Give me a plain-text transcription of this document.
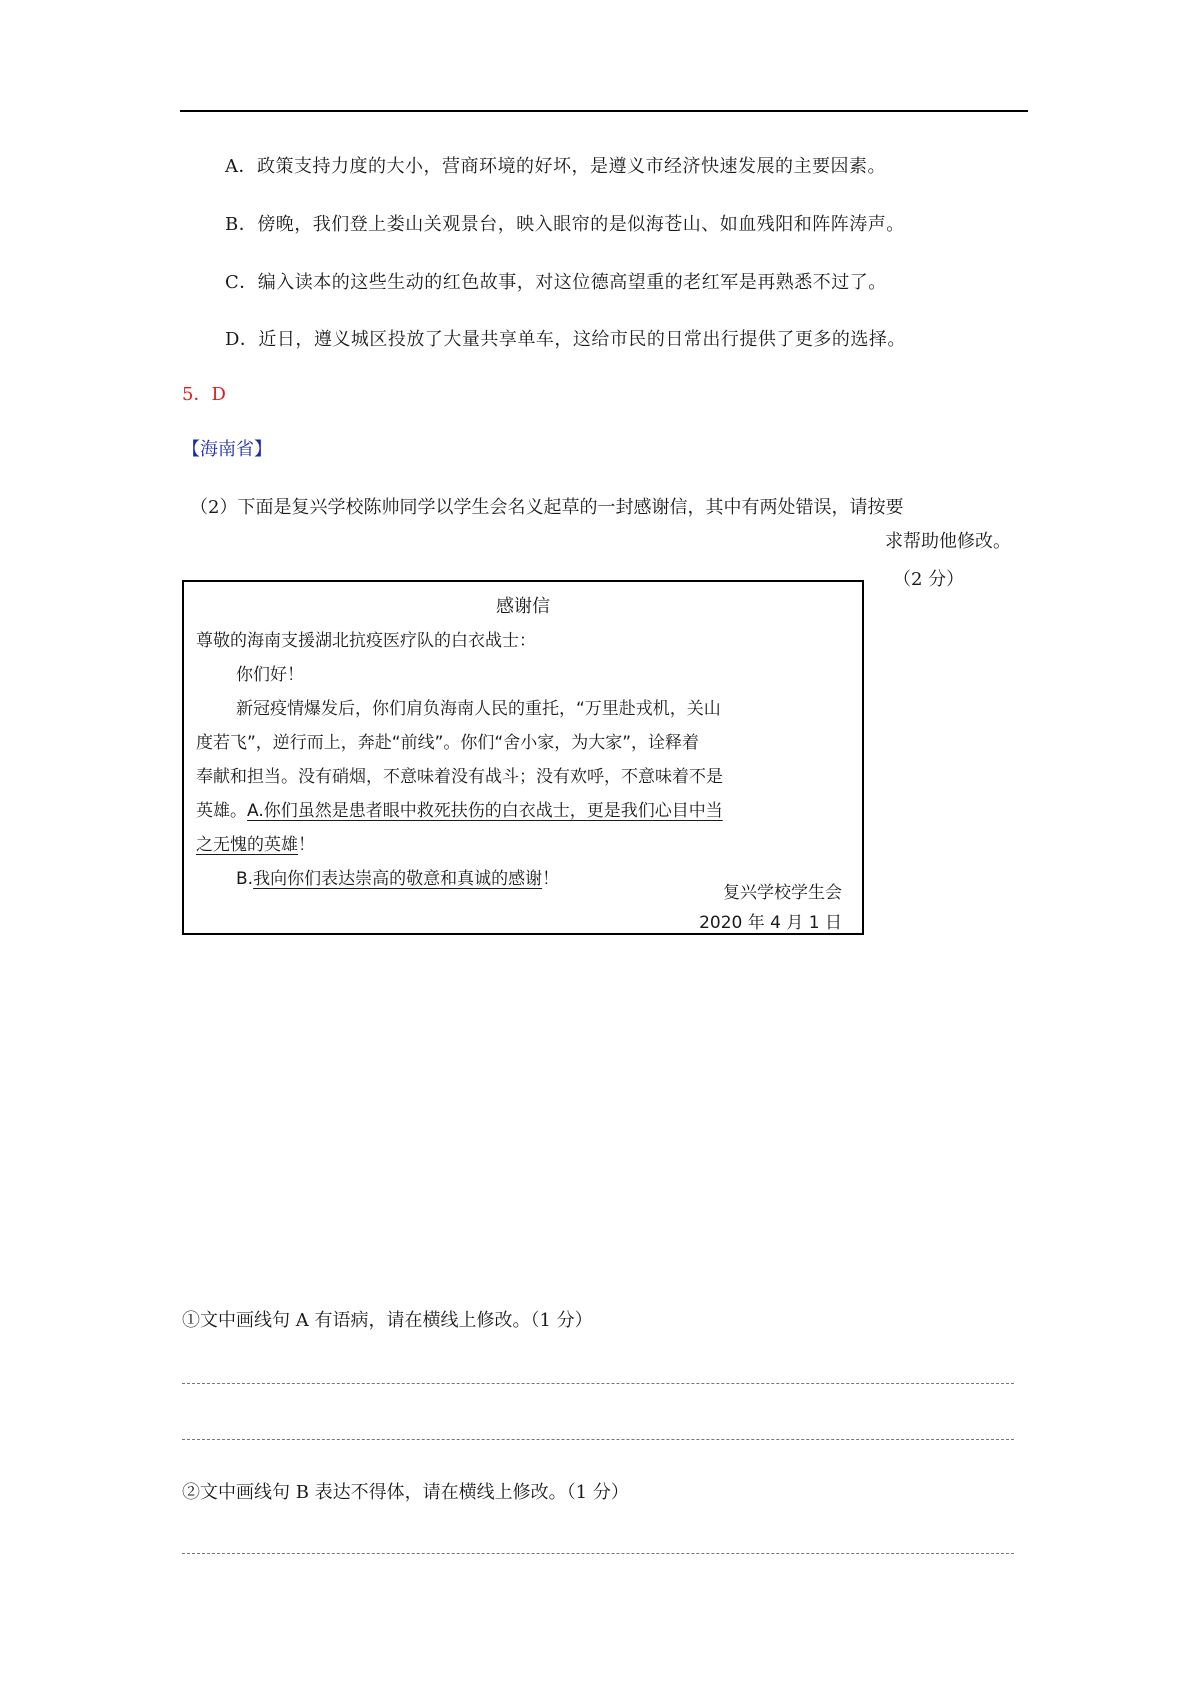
A．政策支持力度的大小，营商环境的好坏，是遵义市经济快速发展的主要因素。
B．傍晚，我们登上娄山关观景台，映入眼帘的是似海苍山、如血残阳和阵阵涛声。
C．编入读本的这些生动的红色故事，对这位德高望重的老红军是再熟悉不过了。
D．近日，遵义城区投放了大量共享单车，这给市民的日常出行提供了更多的选择。
5．D
【海南省】
（2）下面是复兴学校陈帅同学以学生会名义起草的一封感谢信，其中有两处错误，请按要
求帮助他修改。
（2 分）
感谢信
尊敬的海南支援湖北抗疫医疗队的白衣战士：
你们好！
新冠疫情爆发后，你们肩负海南人民的重托，“万里赴戎机，关山
度若飞”，逆行而上，奔赴“前线”。你们“舍小家，为大家”，诠释着
奉献和担当。没有硝烟，不意味着没有战斗；没有欢呼，不意味着不是
英雄。A.你们虽然是患者眼中救死扶伤的白衣战士，更是我们心目中当
之无愧的英雄！
B.我向你们表达崇高的敬意和真诚的感谢！
复兴学校学生会
2020 年 4 月 1 日
①文中画线句 A 有语病，请在横线上修改。（1 分）
②文中画线句 B 表达不得体，请在横线上修改。（1 分）
